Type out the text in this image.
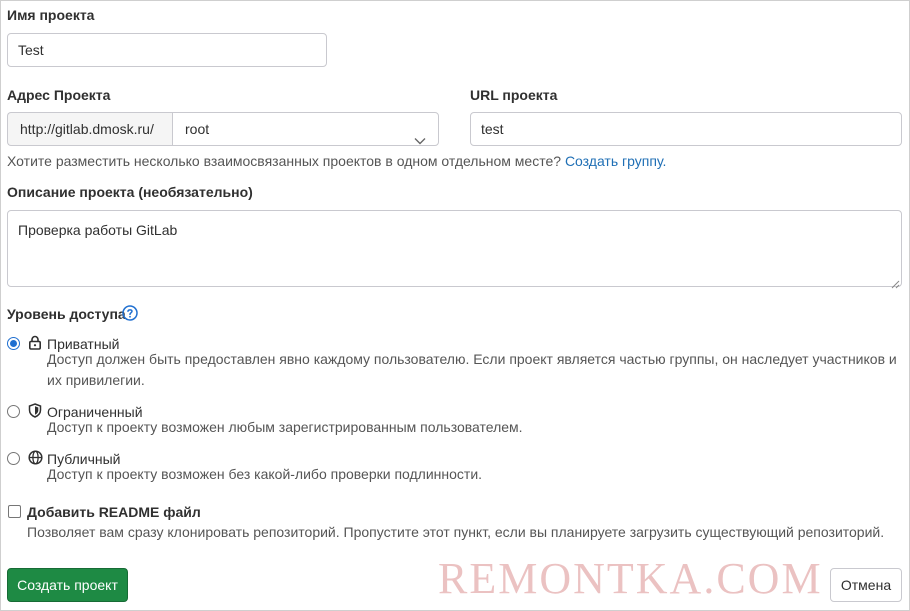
Имя проекта
Test
Адрес Проекта
http://gitlab.dmosk.ru/	root
URL проекта
test
Хотите разместить несколько взаимосвязанных проектов в одном отдельном месте? Создать группу.
Описание проекта (необязательно)
Проверка работы GitLab
Уровень доступа
Приватный
Доступ должен быть предоставлен явно каждому пользователю. Если проект является частью группы, он наследует участников и их привилегии.
Ограниченный
Доступ к проекту возможен любым зарегистрированным пользователем.
Публичный
Доступ к проекту возможен без какой-либо проверки подлинности.
Добавить README файл
Позволяет вам сразу клонировать репозиторий. Пропустите этот пункт, если вы планируете загрузить существующий репозиторий.
REMONTKA.COM
Создать проект	Отмена
